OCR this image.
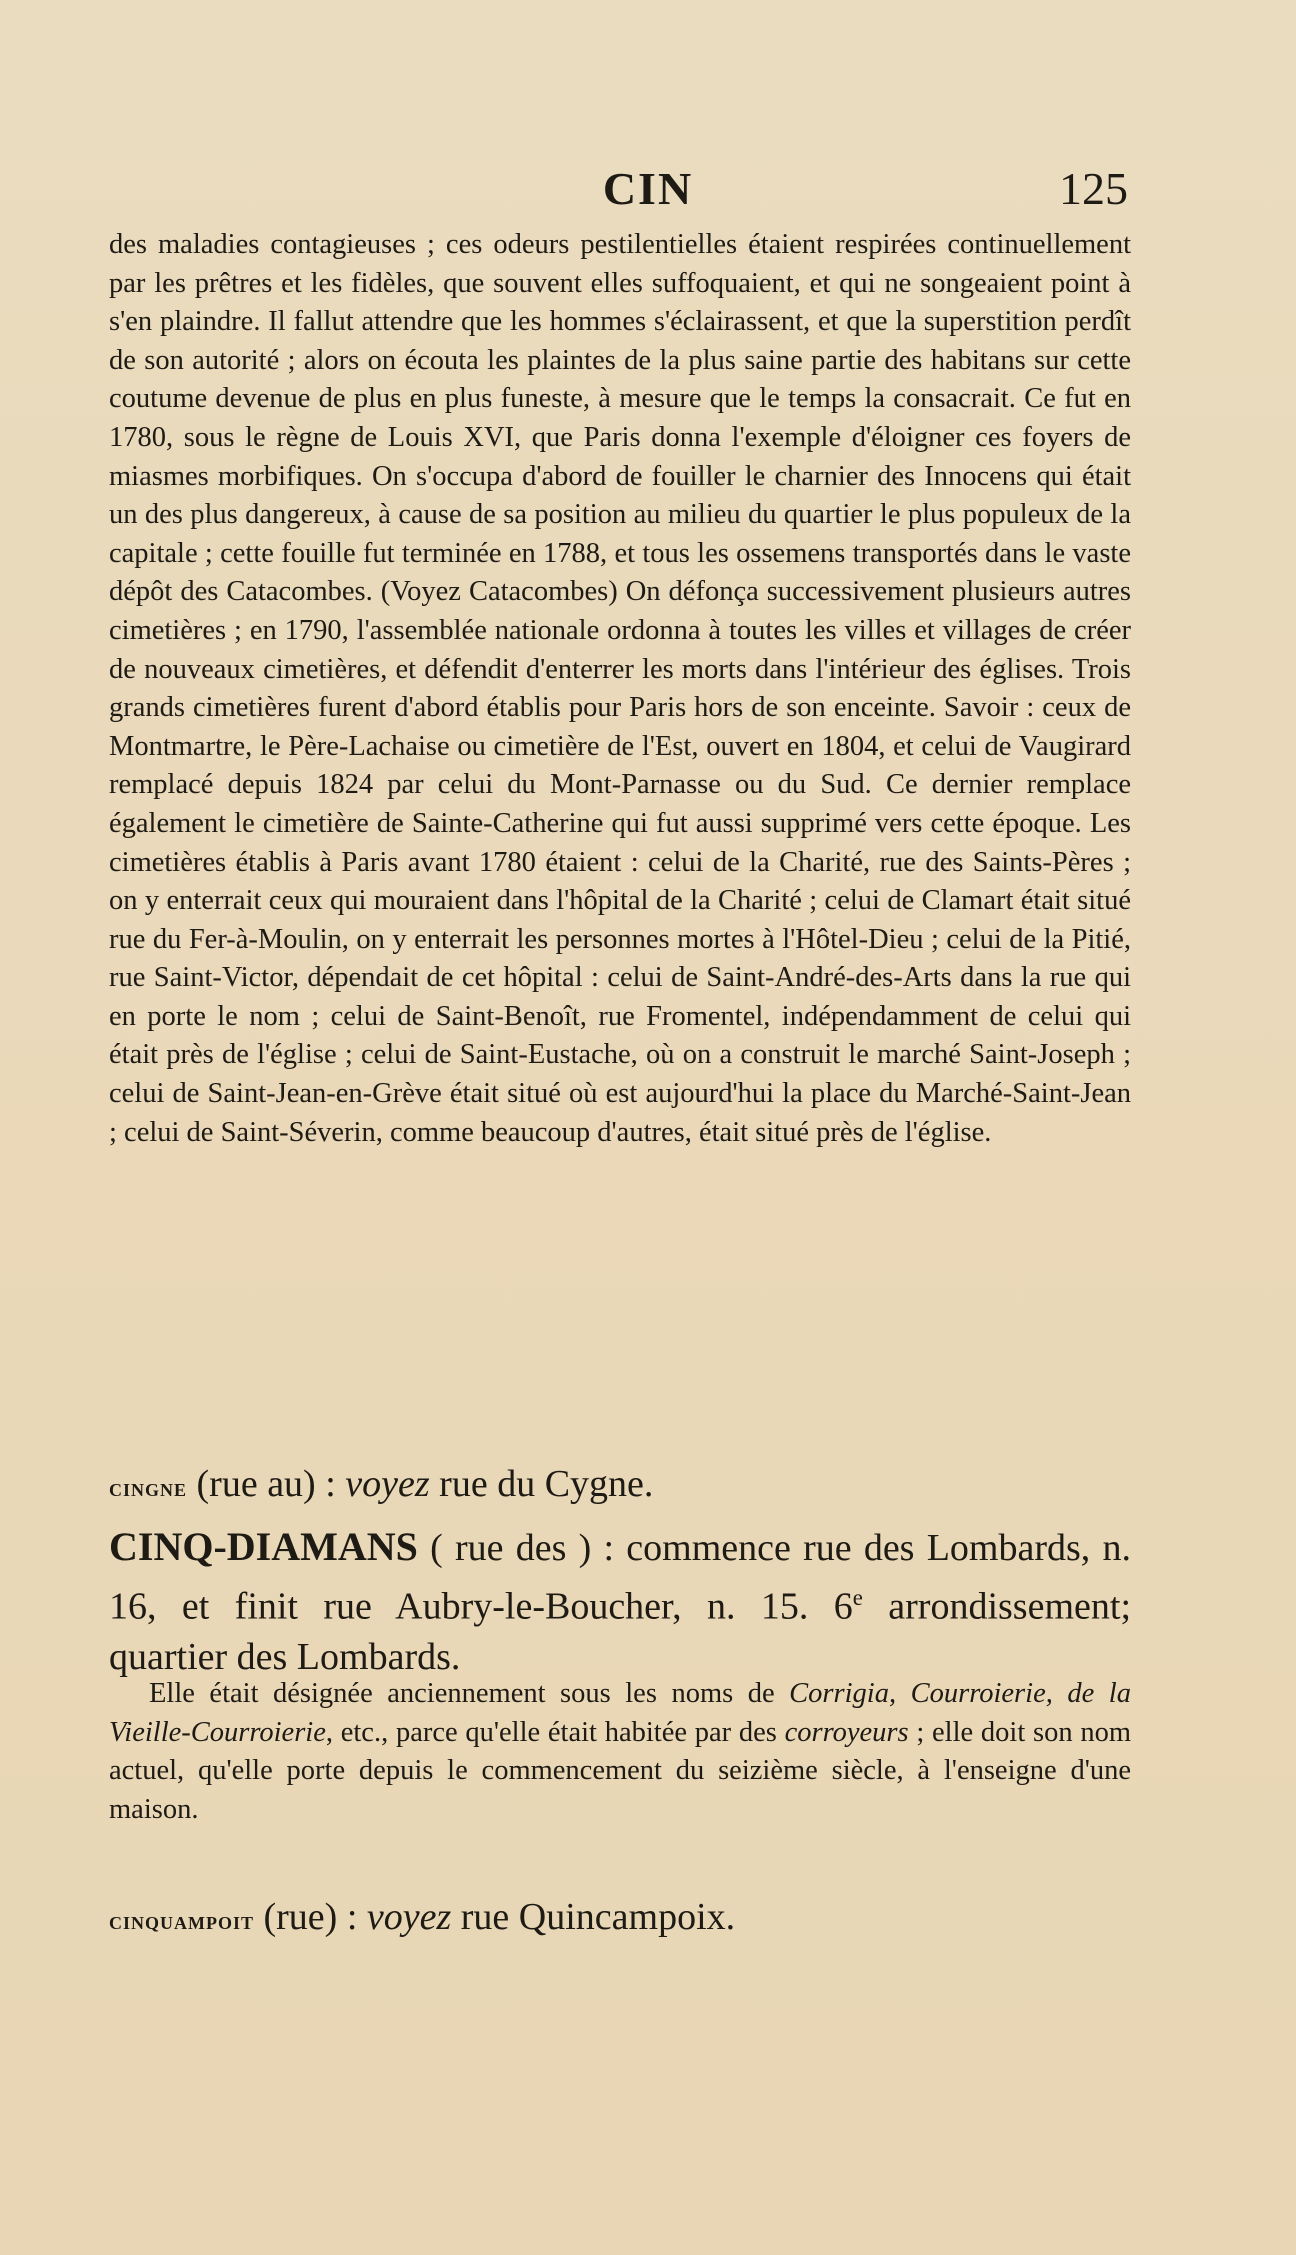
CIN	125

des maladies contagieuses ; ces odeurs pestilentielles étaient respirées continuellement par les prêtres et les fidèles, que souvent elles suffoquaient, et qui ne songeaient point à s'en plaindre. Il fallut attendre que les hommes s'éclairassent, et que la superstition perdît de son autorité ; alors on écouta les plaintes de la plus saine partie des habitans sur cette coutume devenue de plus en plus funeste, à mesure que le temps la consacrait. Ce fut en 1780, sous le règne de Louis XVI, que Paris donna l'exemple d'éloigner ces foyers de miasmes morbifiques. On s'occupa d'abord de fouiller le charnier des Innocens qui était un des plus dangereux, à cause de sa position au milieu du quartier le plus populeux de la capitale ; cette fouille fut terminée en 1788, et tous les ossemens transportés dans le vaste dépôt des Catacombes. (Voyez Catacombes) On défonça successivement plusieurs autres cimetières ; en 1790, l'assemblée nationale ordonna à toutes les villes et villages de créer de nouveaux cimetières, et défendit d'enterrer les morts dans l'intérieur des églises. Trois grands cimetières furent d'abord établis pour Paris hors de son enceinte. Savoir : ceux de Montmartre, le Père-Lachaise ou cimetière de l'Est, ouvert en 1804, et celui de Vaugirard remplacé depuis 1824 par celui du Mont-Parnasse ou du Sud. Ce dernier remplace également le cimetière de Sainte-Catherine qui fut aussi supprimé vers cette époque. Les cimetières établis à Paris avant 1780 étaient : celui de la Charité, rue des Saints-Pères ; on y enterrait ceux qui mouraient dans l'hôpital de la Charité ; celui de Clamart était situé rue du Fer-à-Moulin, on y enterrait les personnes mortes à l'Hôtel-Dieu ; celui de la Pitié, rue Saint-Victor, dépendait de cet hôpital : celui de Saint-André-des-Arts dans la rue qui en porte le nom ; celui de Saint-Benoît, rue Fromentel, indépendamment de celui qui était près de l'église ; celui de Saint-Eustache, où on a construit le marché Saint-Joseph ; celui de Saint-Jean-en-Grève était situé où est aujourd'hui la place du Marché-Saint-Jean ; celui de Saint-Séverin, comme beaucoup d'autres, était situé près de l'église.

cingne (rue au) : voyez rue du Cygne.

CINQ-DIAMANS ( rue des ) : commence rue des Lombards, n. 16, et finit rue Aubry-le-Boucher, n. 15. 6e arrondissement; quartier des Lombards.

Elle était désignée anciennement sous les noms de Corrigia, Courroierie, de la Vieille-Courroierie, etc., parce qu'elle était habitée par des corroyeurs ; elle doit son nom actuel, qu'elle porte depuis le commencement du seizième siècle, à l'enseigne d'une maison.

cinquampoit (rue) : voyez rue Quincampoix.
